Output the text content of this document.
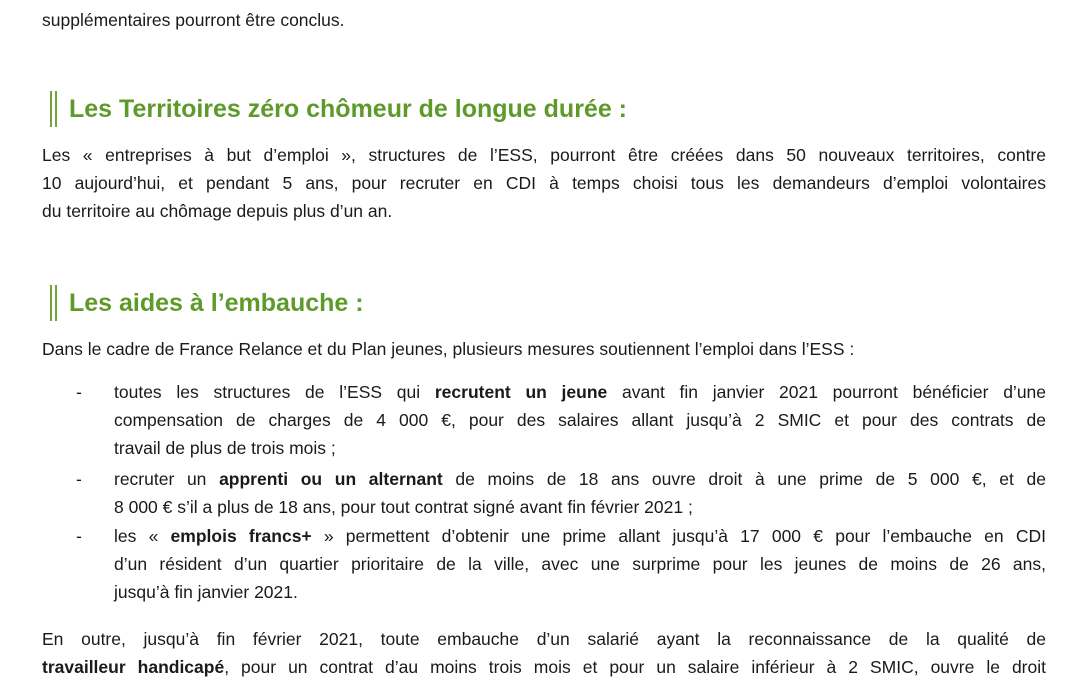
supplémentaires pourront être conclus.

Les Territoires zéro chômeur de longue durée :

Les « entreprises à but d’emploi », structures de l’ESS, pourront être créées dans 50 nouveaux territoires, contre
10 aujourd’hui, et pendant 5 ans, pour recruter en CDI à temps choisi tous les demandeurs d’emploi volontaires
du territoire au chômage depuis plus d’un an.

Les aides à l’embauche :

Dans le cadre de France Relance et du Plan jeunes, plusieurs mesures soutiennent l’emploi dans l’ESS :

- toutes les structures de l’ESS qui recrutent un jeune avant fin janvier 2021 pourront bénéficier d’une
compensation de charges de 4 000 €, pour des salaires allant jusqu’à 2 SMIC et pour des contrats de
travail de plus de trois mois ;
- recruter un apprenti ou un alternant de moins de 18 ans ouvre droit à une prime de 5 000 €, et de
8 000 € s’il a plus de 18 ans, pour tout contrat signé avant fin février 2021 ;
- les « emplois francs+ » permettent d’obtenir une prime allant jusqu’à 17 000 € pour l’embauche en CDI
d’un résident d’un quartier prioritaire de la ville, avec une surprime pour les jeunes de moins de 26 ans,
jusqu’à fin janvier 2021.

En outre, jusqu’à fin février 2021, toute embauche d’un salarié ayant la reconnaissance de la qualité de
travailleur handicapé, pour un contrat d’au moins trois mois et pour un salaire inférieur à 2 SMIC, ouvre le droit
